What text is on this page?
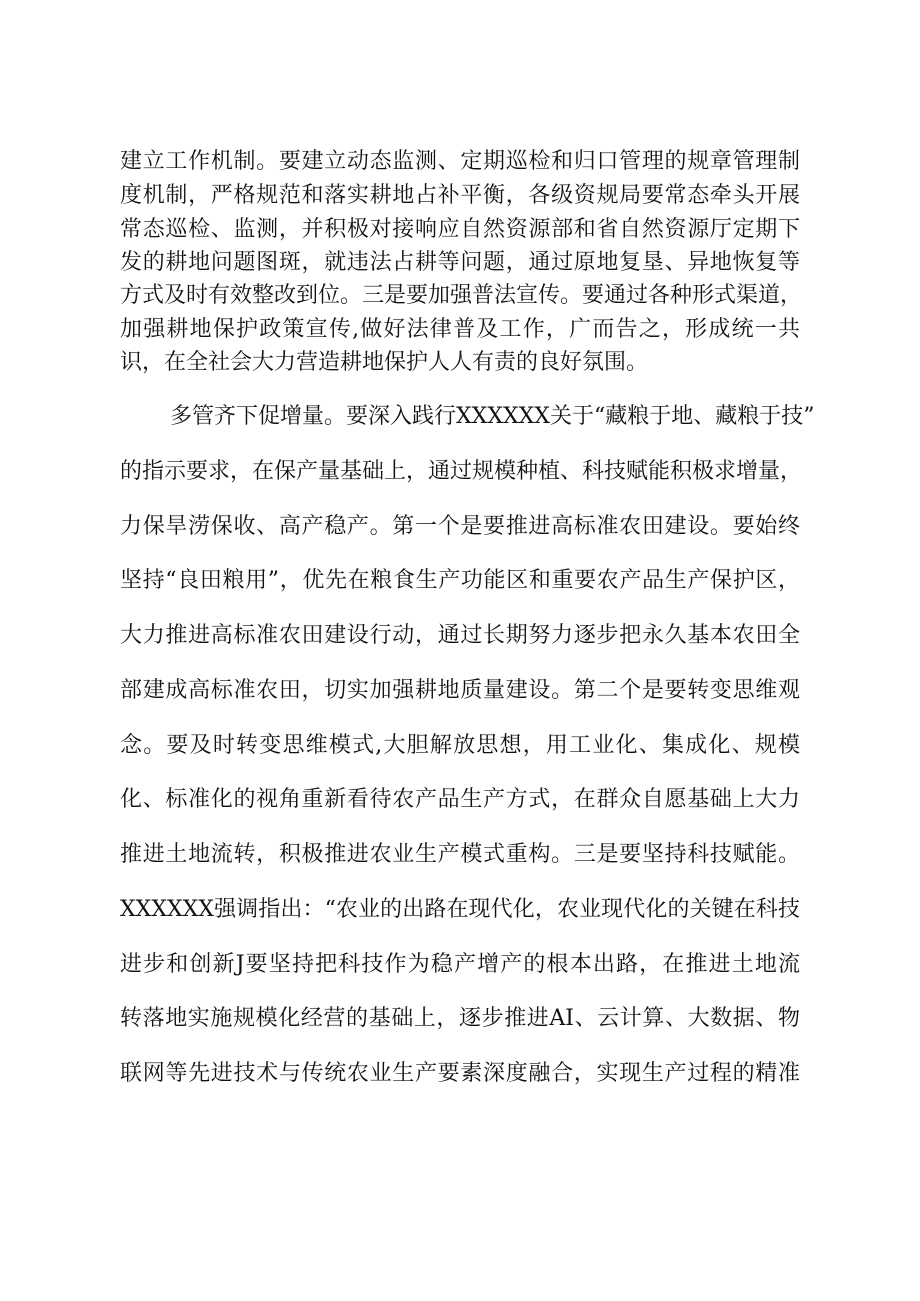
建立工作机制。要建立动态监测、定期巡检和归口管理的规章管理制
度机制，严格规范和落实耕地占补平衡，各级资规局要常态牵头开展
常态巡检、监测，并积极对接响应自然资源部和省自然资源厅定期下
发的耕地问题图斑，就违法占耕等问题，通过原地复垦、异地恢复等
方式及时有效整改到位。三是要加强普法宣传。要通过各种形式渠道，
加强耕地保护政策宣传,做好法律普及工作，广而告之，形成统一共
识，在全社会大力营造耕地保护人人有责的良好氛围。
多管齐下促增量。要深入践行XXXXXX关于“藏粮于地、藏粮于技”
的指示要求，在保产量基础上，通过规模种植、科技赋能积极求增量，
力保旱涝保收、高产稳产。第一个是要推进高标准农田建设。要始终
坚持“良田粮用”，优先在粮食生产功能区和重要农产品生产保护区，
大力推进高标准农田建设行动，通过长期努力逐步把永久基本农田全
部建成高标准农田，切实加强耕地质量建设。第二个是要转变思维观
念。要及时转变思维模式,大胆解放思想，用工业化、集成化、规模
化、标准化的视角重新看待农产品生产方式，在群众自愿基础上大力
推进土地流转，积极推进农业生产模式重构。三是要坚持科技赋能。
XXXXXX强调指出：“农业的出路在现代化，农业现代化的关键在科技
进步和创新J要坚持把科技作为稳产增产的根本出路，在推进土地流
转落地实施规模化经营的基础上，逐步推进AI、云计算、大数据、物
联网等先进技术与传统农业生产要素深度融合，实现生产过程的精准
